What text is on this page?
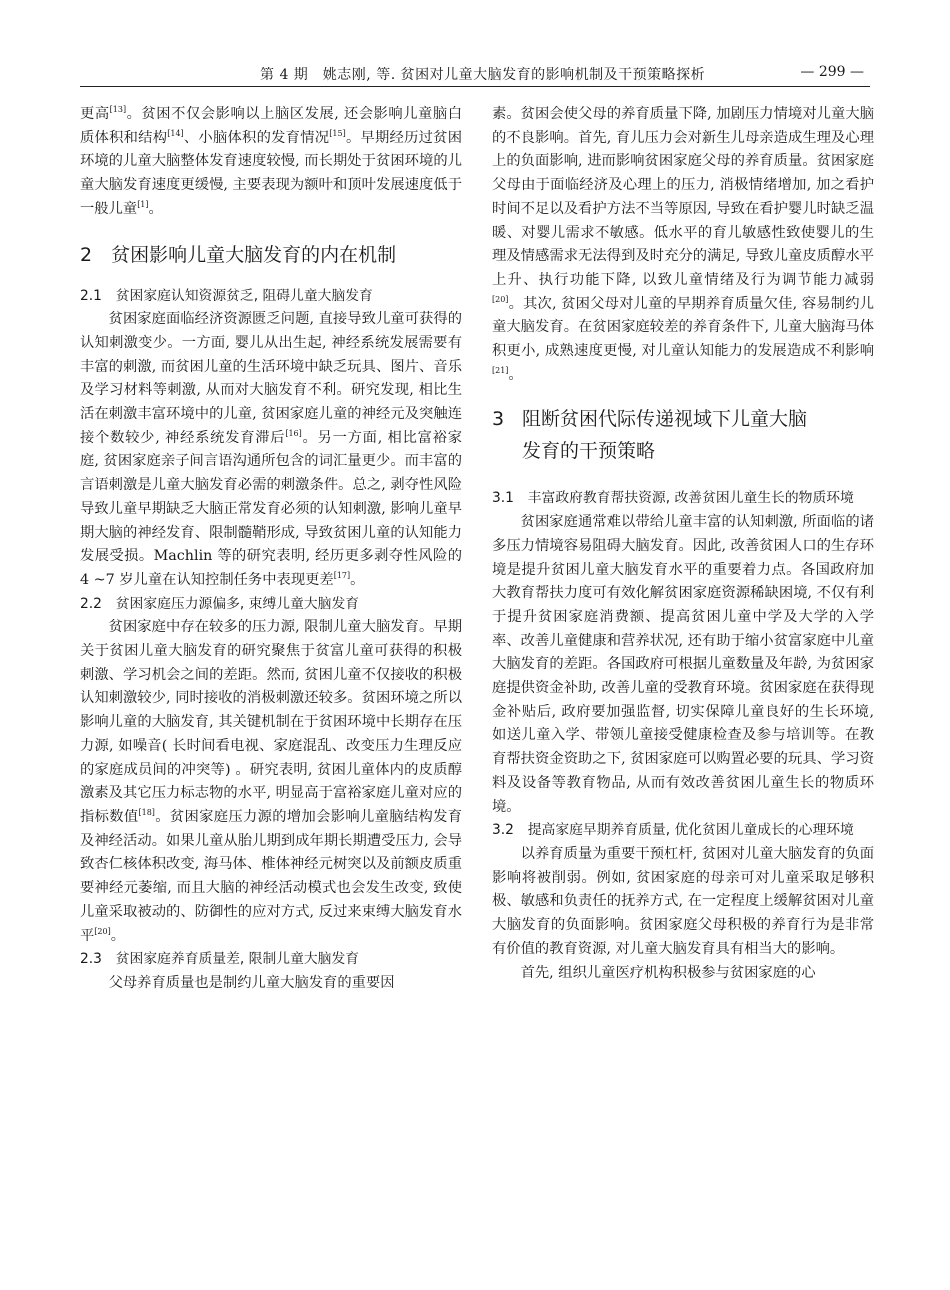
第 4 期　姚志刚, 等. 贫困对儿童大脑发育的影响机制及干预策略探析	— 299 —

更高[13]。贫困不仅会影响以上脑区发展, 还会影响儿童脑白质体积和结构[14]、小脑体积的发育情况[15]。早期经历过贫困环境的儿童大脑整体发育速度较慢, 而长期处于贫困环境的儿童大脑发育速度更缓慢, 主要表现为额叶和顶叶发展速度低于一般儿童[1]。

2　贫困影响儿童大脑发育的内在机制
2.1　贫困家庭认知资源贫乏, 阻碍儿童大脑发育

贫困家庭面临经济资源匮乏问题, 直接导致儿童可获得的认知刺激变少。一方面, 婴儿从出生起, 神经系统发展需要有丰富的刺激, 而贫困儿童的生活环境中缺乏玩具、图片、音乐及学习材料等刺激, 从而对大脑发育不利。研究发现, 相比生活在刺激丰富环境中的儿童, 贫困家庭儿童的神经元及突触连接个数较少, 神经系统发育滞后[16]。另一方面, 相比富裕家庭, 贫困家庭亲子间言语沟通所包含的词汇量更少。而丰富的言语刺激是儿童大脑发育必需的刺激条件。总之, 剥夺性风险导致儿童早期缺乏大脑正常发育必须的认知刺激, 影响儿童早期大脑的神经发育、限制髓鞘形成, 导致贫困儿童的认知能力发展受损。Machlin 等的研究表明, 经历更多剥夺性风险的 4 ~7 岁儿童在认知控制任务中表现更差[17]。

2.2　贫困家庭压力源偏多, 束缚儿童大脑发育

贫困家庭中存在较多的压力源, 限制儿童大脑发育。早期关于贫困儿童大脑发育的研究聚焦于贫富儿童可获得的积极刺激、学习机会之间的差距。然而, 贫困儿童不仅接收的积极认知刺激较少, 同时接收的消极刺激还较多。贫困环境之所以影响儿童的大脑发育, 其关键机制在于贫困环境中长期存在压力源, 如噪音( 长时间看电视、家庭混乱、改变压力生理反应的家庭成员间的冲突等) 。研究表明, 贫困儿童体内的皮质醇激素及其它压力标志物的水平, 明显高于富裕家庭儿童对应的指标数值[18]。贫困家庭压力源的增加会影响儿童脑结构发育及神经活动。如果儿童从胎儿期到成年期长期遭受压力, 会导致杏仁核体积改变, 海马体、椎体神经元树突以及前额皮质重要神经元萎缩, 而且大脑的神经活动模式也会发生改变, 致使儿童采取被动的、防御性的应对方式, 反过来束缚大脑发育水平[20]。

2.3　贫困家庭养育质量差, 限制儿童大脑发育

父母养育质量也是制约儿童大脑发育的重要因

素。贫困会使父母的养育质量下降, 加剧压力情境对儿童大脑的不良影响。首先, 育儿压力会对新生儿母亲造成生理及心理上的负面影响, 进而影响贫困家庭父母的养育质量。贫困家庭父母由于面临经济及心理上的压力, 消极情绪增加, 加之看护时间不足以及看护方法不当等原因, 导致在看护婴儿时缺乏温暖、对婴儿需求不敏感。低水平的育儿敏感性致使婴儿的生理及情感需求无法得到及时充分的满足, 导致儿童皮质醇水平上升、执行功能下降, 以致儿童情绪及行为调节能力减弱[20]。其次, 贫困父母对儿童的早期养育质量欠佳, 容易制约儿童大脑发育。在贫困家庭较差的养育条件下, 儿童大脑海马体积更小, 成熟速度更慢, 对儿童认知能力的发展造成不利影响[21]。

3 阻断贫困代际传递视域下儿童大脑
发育的干预策略
3.1　丰富政府教育帮扶资源, 改善贫困儿童生长的物质环境

贫困家庭通常难以带给儿童丰富的认知刺激, 所面临的诸多压力情境容易阻碍大脑发育。因此, 改善贫困人口的生存环境是提升贫困儿童大脑发育水平的重要着力点。各国政府加大教育帮扶力度可有效化解贫困家庭资源稀缺困境, 不仅有利于提升贫困家庭消费额、提高贫困儿童中学及大学的入学率、改善儿童健康和营养状况, 还有助于缩小贫富家庭中儿童大脑发育的差距。各国政府可根据儿童数量及年龄, 为贫困家庭提供资金补助, 改善儿童的受教育环境。贫困家庭在获得现金补贴后, 政府要加强监督, 切实保障儿童良好的生长环境, 如送儿童入学、带领儿童接受健康检查及参与培训等。在教育帮扶资金资助之下, 贫困家庭可以购置必要的玩具、学习资料及设备等教育物品, 从而有效改善贫困儿童生长的物质环境。

3.2　提高家庭早期养育质量, 优化贫困儿童成长的心理环境

以养育质量为重要干预杠杆, 贫困对儿童大脑发育的负面影响将被削弱。例如, 贫困家庭的母亲可对儿童采取足够积极、敏感和负责任的抚养方式, 在一定程度上缓解贫困对儿童大脑发育的负面影响。贫困家庭父母积极的养育行为是非常有价值的教育资源, 对儿童大脑发育具有相当大的影响。

首先, 组织儿童医疗机构积极参与贫困家庭的心
